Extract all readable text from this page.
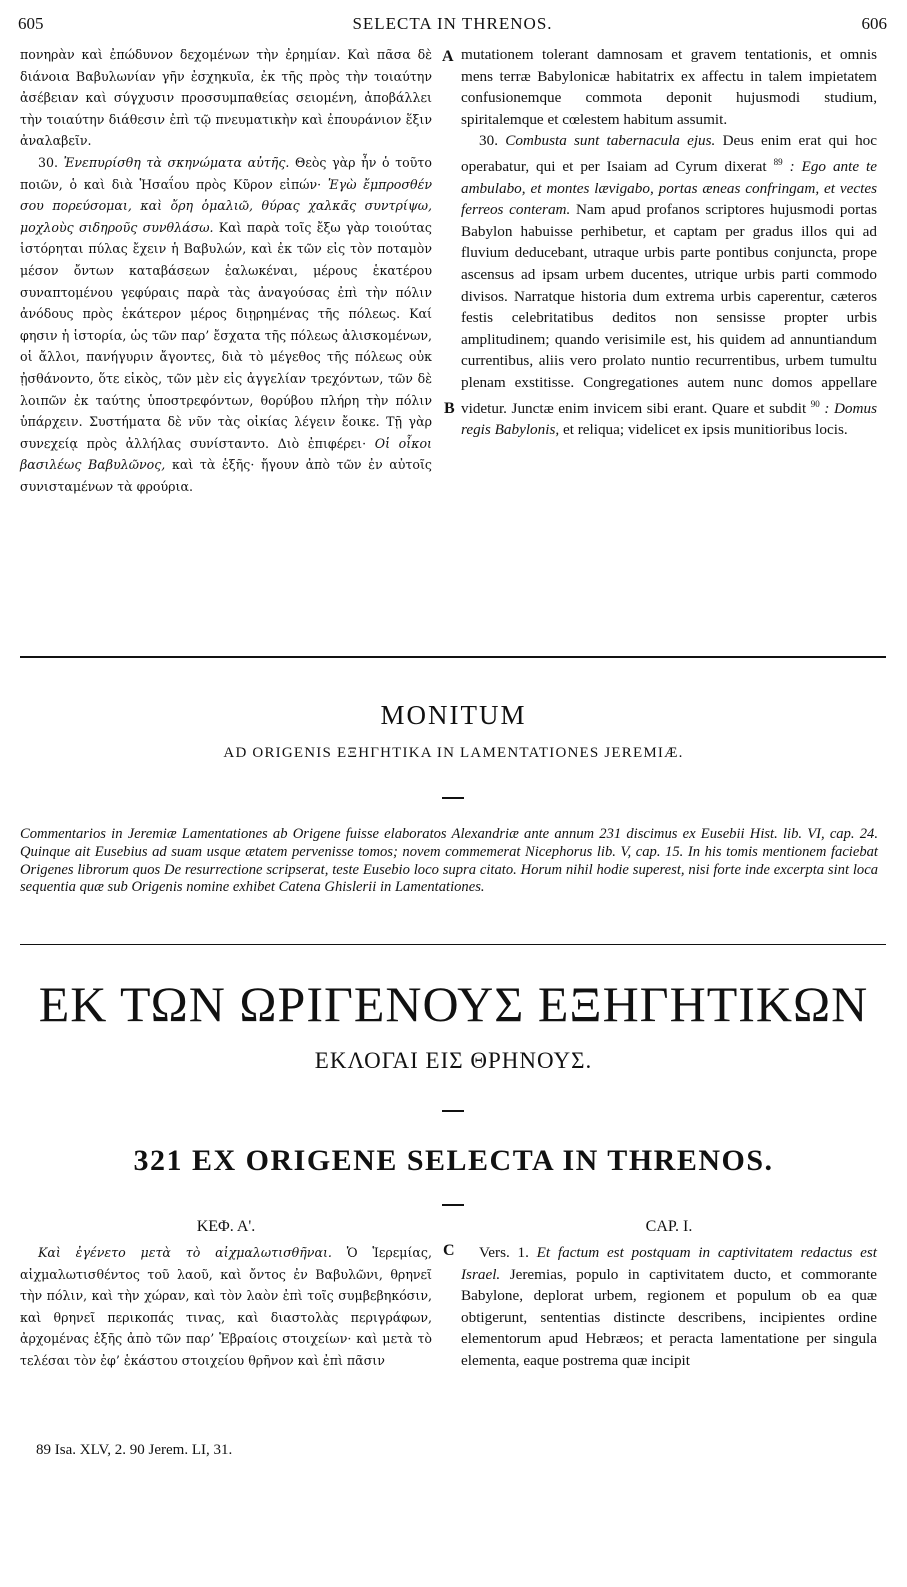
605	SELECTA IN THRENOS.	606

πονηρὰν καὶ ἐπώδυνον δεχομένων τὴν ἐρημίαν. Καὶ πᾶσα δὲ διάνοια Βαβυλωνίαν γῆν ἐσχηκυῖα, ἐκ τῆς πρὸς τὴν τοιαύτην ἀσέβειαν καὶ σύγχυσιν προσσυμπαθείας σειομένη, ἀποβάλλει τὴν τοιαύτην διάθεσιν ἐπὶ τῷ πνευματικὴν καὶ ἐπουράνιον ἕξιν ἀναλαβεῖν.

30. Ἐνεπυρίσθη τὰ σκηνώματα αὐτῆς. Θεὸς γὰρ ἦν ὁ τοῦτο ποιῶν, ὁ καὶ διὰ Ἡσαΐου πρὸς Κῦρον εἰπών· Ἐγὼ ἔμπροσθέν σου πορεύσομαι, καὶ ὄρη ὁμαλιῶ, θύρας χαλκᾶς συντρίψω, μοχλοὺς σιδηροῦς συνθλάσω. Καὶ παρὰ τοῖς ἔξω γὰρ τοιούτας ἱστόρηται πύλας ἔχειν ἡ Βαβυλών, καὶ ἐκ τῶν εἰς τὸν ποταμὸν μέσον ὄντων καταβάσεων ἑαλωκέναι, μέρους ἑκατέρου συναπτομένου γεφύραις παρὰ τὰς ἀναγούσας ἐπὶ τὴν πόλιν ἀνόδους πρὸς ἑκάτερον μέρος διῃρημένας τῆς πόλεως. Καί φησιν ἡ ἱστορία, ὡς τῶν παρ’ ἔσχατα τῆς πόλεως ἁλισκομένων, οἱ ἄλλοι, πανήγυριν ἄγοντες, διὰ τὸ μέγεθος τῆς πόλεως οὐκ ᾐσθάνοντο, ὅτε εἰκὸς, τῶν μὲν εἰς ἀγγελίαν τρεχόντων, τῶν δὲ λοιπῶν ἐκ ταύτης ὑποστρεφόντων, θορύβου πλήρη τὴν πόλιν ὑπάρχειν. Συστήματα δὲ νῦν τὰς οἰκίας λέγειν ἔοικε. Τῇ γὰρ συνεχείᾳ πρὸς ἀλλήλας συνίσταντο. Διὸ ἐπιφέρει· Οἱ οἶκοι βασιλέως Βαβυλῶνος, καὶ τὰ ἑξῆς· ἤγουν ἀπὸ τῶν ἐν αὐτοῖς συνισταμένων τὰ φρούρια.

A
B
C

mutationem tolerant damnosam et gravem tentationis, et omnis mens terræ Babylonicæ habitatrix ex affectu in talem impietatem confusionemque commota deponit hujusmodi studium, spiritalemque et cœlestem habitum assumit.

30. Combusta sunt tabernacula ejus. Deus enim erat qui hoc operabatur, qui et per Isaiam ad Cyrum dixerat $^{89}$ : Ego ante te ambulabo, et montes lævigabo, portas æneas confringam, et vectes ferreos conteram. Nam apud profanos scriptores hujusmodi portas Babylon habuisse perhibetur, et captam per gradus illos qui ad fluvium deducebant, utraque urbis parte pontibus conjuncta, prope ascensus ad ipsam urbem ducentes, utrique urbis parti commodo divisos. Narratque historia dum extrema urbis caperentur, cæteros festis celebritatibus deditos non sensisse propter urbis amplitudinem; quando verisimile est, his quidem ad annuntiandum currentibus, aliis vero prolato nuntio recurrentibus, urbem tumultu plenam exstitisse. Congregationes autem nunc domos appellare videtur. Junctæ enim invicem sibi erant. Quare et subdit $^{90}$ : Domus regis Babylonis, et reliqua; videlicet ex ipsis munitioribus locis.

MONITUM
AD ORIGENIS ΕΞΗΓΗΤΙΚΑ IN LAMENTATIONES JEREMIÆ.

Commentarios in Jeremiæ Lamentationes ab Origene fuisse elaboratos Alexandriæ ante annum 231 discimus ex Eusebii Hist. lib. VI, cap. 24. Quinque ait Eusebius ad suam usque ætatem pervenisse tomos; novem commemerat Nicephorus lib. V, cap. 15. In his tomis mentionem faciebat Origenes librorum quos De resurrectione scripserat, teste Eusebio loco supra citato. Horum nihil hodie superest, nisi forte inde excerpta sint loca sequentia quæ sub Origenis nomine exhibet Catena Ghislerii in Lamentationes.

ΕΚ ΤΩΝ ΩΡΙΓΕΝΟΥΣ ΕΞΗΓΗΤΙΚΩΝ
ΕΚΛΟΓΑΙ ΕΙΣ ΘΡΗΝΟΥΣ.
321 EX ORIGENE SELECTA IN THRENOS.
ΚΕΦ. Α'.	CAP. I.

Καὶ ἐγένετο μετὰ τὸ αἰχμαλωτισθῆναι. Ὁ Ἱερεμίας, αἰχμαλωτισθέντος τοῦ λαοῦ, καὶ ὄντος ἐν Βαβυλῶνι, θρηνεῖ τὴν πόλιν, καὶ τὴν χώραν, καὶ τὸν λαὸν ἐπὶ τοῖς συμβεβηκόσιν, καὶ θρηνεῖ περικοπάς τινας, καὶ διαστολὰς περιγράφων, ἀρχομένας ἑξῆς ἀπὸ τῶν παρ’ Ἑβραίοις στοιχείων· καὶ μετὰ τὸ τελέσαι τὸν ἐφ’ ἑκάστου στοιχείου θρῆνον καὶ ἐπὶ πᾶσιν

Vers. 1. Et factum est postquam in captivitatem redactus est Israel. Jeremias, populo in captivitatem ducto, et commorante Babylone, deplorat urbem, regionem et populum ob ea quæ obtigerunt, sententias distincte describens, incipientes ordine elementorum apud Hebræos; et peracta lamentatione per singula elementa, eaque postrema quæ incipit

89 Isa. XLV, 2. 90 Jerem. LI, 31.
